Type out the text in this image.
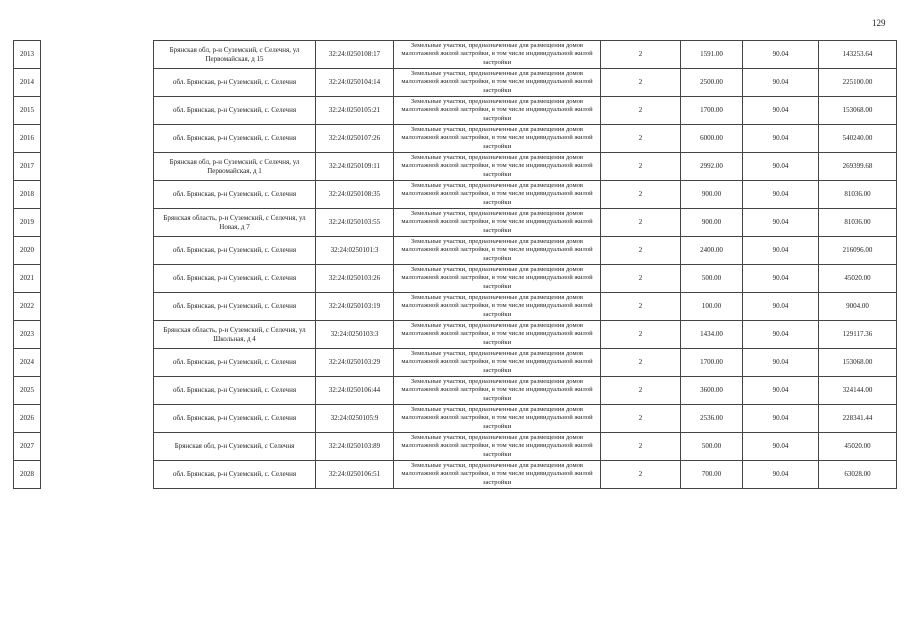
129
2013		Брянская обл, р-н Суземский, с Селечня, ул Первомайская, д 15	32:24:0250108:17	Земельные участки, предназначенные для размещения домов малоэтажной жилой застройки, в том числе индивидуальной жилой застройки	2	1591.00	90.04	143253.64
2014		обл. Брянская, р-н Суземский, с. Селечня	32:24:0250104:14	Земельные участки, предназначенные для размещения домов малоэтажной жилой застройки, в том числе индивидуальной жилой застройки	2	2500.00	90.04	225100.00
2015		обл. Брянская, р-н Суземский, с. Селечня	32:24:0250105:21	Земельные участки, предназначенные для размещения домов малоэтажной жилой застройки, в том числе индивидуальной жилой застройки	2	1700.00	90.04	153068.00
2016		обл. Брянская, р-н Суземский, с. Селечня	32:24:0250107:26	Земельные участки, предназначенные для размещения домов малоэтажной жилой застройки, в том числе индивидуальной жилой застройки	2	6000.00	90.04	540240.00
2017		Брянская обл, р-н Суземский, с Селечня, ул Первомайская, д 1	32:24:0250109:11	Земельные участки, предназначенные для размещения домов малоэтажной жилой застройки, в том числе индивидуальной жилой застройки	2	2992.00	90.04	269399.68
2018		обл. Брянская, р-н Суземский, с. Селечня	32:24:0250108:35	Земельные участки, предназначенные для размещения домов малоэтажной жилой застройки, в том числе индивидуальной жилой застройки	2	900.00	90.04	81036.00
2019		Брянская область, р-н Суземский, с Селечня, ул Новая, д 7	32:24:0250103:55	Земельные участки, предназначенные для размещения домов малоэтажной жилой застройки, в том числе индивидуальной жилой застройки	2	900.00	90.04	81036.00
2020		обл. Брянская, р-н Суземский, с. Селечня	32:24:0250101:3	Земельные участки, предназначенные для размещения домов малоэтажной жилой застройки, в том числе индивидуальной жилой застройки	2	2400.00	90.04	216096.00
2021		обл. Брянская, р-н Суземский, с. Селечня	32:24:0250103:26	Земельные участки, предназначенные для размещения домов малоэтажной жилой застройки, в том числе индивидуальной жилой застройки	2	500.00	90.04	45020.00
2022		обл. Брянская, р-н Суземский, с. Селечня	32:24:0250103:19	Земельные участки, предназначенные для размещения домов малоэтажной жилой застройки, в том числе индивидуальной жилой застройки	2	100.00	90.04	9004.00
2023		Брянская область, р-н Суземский, с Селечня, ул Школьная, д 4	32:24:0250103:3	Земельные участки, предназначенные для размещения домов малоэтажной жилой застройки, в том числе индивидуальной жилой застройки	2	1434.00	90.04	129117.36
2024		обл. Брянская, р-н Суземский, с. Селечня	32:24:0250103:29	Земельные участки, предназначенные для размещения домов малоэтажной жилой застройки, в том числе индивидуальной жилой застройки	2	1700.00	90.04	153068.00
2025		обл. Брянская, р-н Суземский, с. Селечня	32:24:0250106:44	Земельные участки, предназначенные для размещения домов малоэтажной жилой застройки, в том числе индивидуальной жилой застройки	2	3600.00	90.04	324144.00
2026		обл. Брянская, р-н Суземский, с. Селечня	32:24:0250105:9	Земельные участки, предназначенные для размещения домов малоэтажной жилой застройки, в том числе индивидуальной жилой застройки	2	2536.00	90.04	228341.44
2027		Брянская обл, р-н Суземский, с Селечня	32:24:0250103:89	Земельные участки, предназначенные для размещения домов малоэтажной жилой застройки, в том числе индивидуальной жилой застройки	2	500.00	90.04	45020.00
2028		обл. Брянская, р-н Суземский, с. Селечня	32:24:0250106:51	Земельные участки, предназначенные для размещения домов малоэтажной жилой застройки, в том числе индивидуальной жилой застройки	2	700.00	90.04	63028.00
